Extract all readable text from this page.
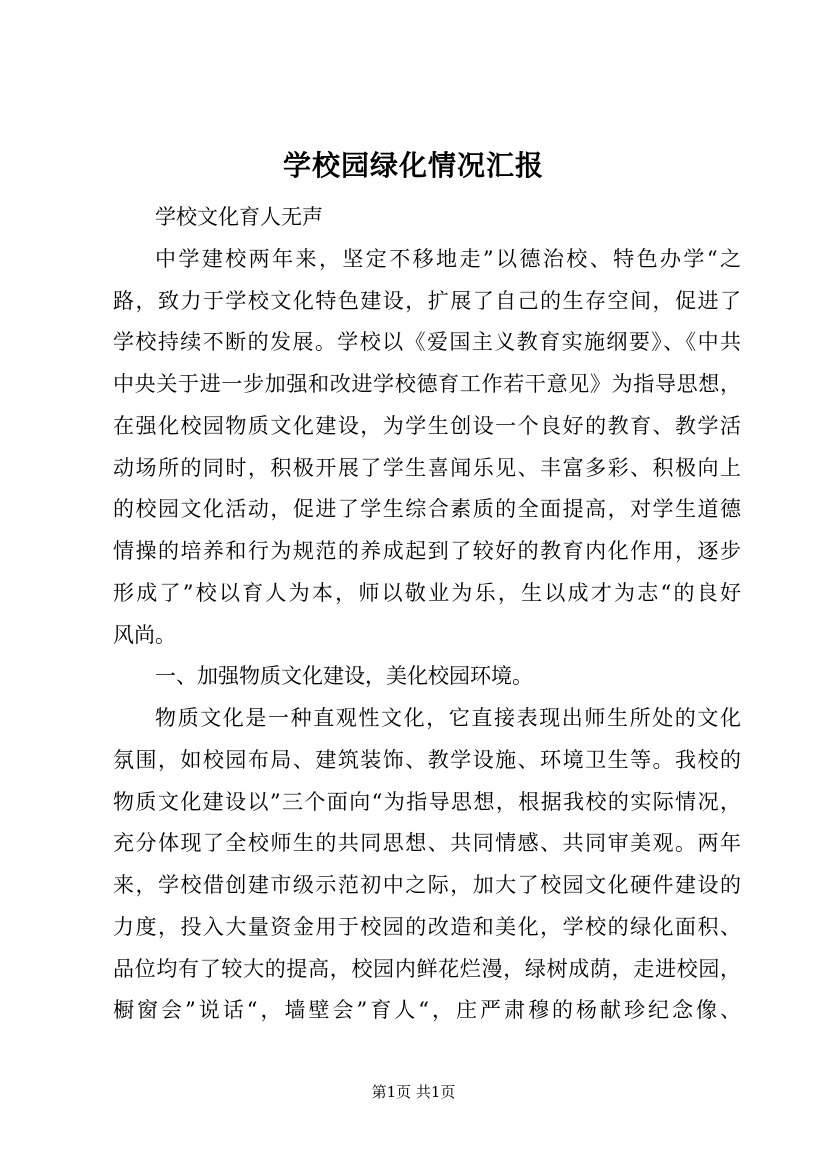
学校园绿化情况汇报
学校文化育人无声
中学建校两年来，坚定不移地走”以德治校、特色办学“之
路，致力于学校文化特色建设，扩展了自己的生存空间，促进了
学校持续不断的发展。学校以《爱国主义教育实施纲要》、《中共
中央关于进一步加强和改进学校德育工作若干意见》为指导思想，
在强化校园物质文化建设，为学生创设一个良好的教育、教学活
动场所的同时，积极开展了学生喜闻乐见、丰富多彩、积极向上
的校园文化活动，促进了学生综合素质的全面提高，对学生道德
情操的培养和行为规范的养成起到了较好的教育内化作用，逐步
形成了”校以育人为本，师以敬业为乐，生以成才为志“的良好
风尚。
一、加强物质文化建设，美化校园环境。
物质文化是一种直观性文化，它直接表现出师生所处的文化
氛围，如校园布局、建筑装饰、教学设施、环境卫生等。我校的
物质文化建设以”三个面向“为指导思想，根据我校的实际情况，
充分体现了全校师生的共同思想、共同情感、共同审美观。两年
来，学校借创建市级示范初中之际，加大了校园文化硬件建设的
力度，投入大量资金用于校园的改造和美化，学校的绿化面积、
品位均有了较大的提高，校园内鲜花烂漫，绿树成荫，走进校园，
橱窗会”说话“，墙壁会”育人“，庄严肃穆的杨献珍纪念像、
第1页 共1页
